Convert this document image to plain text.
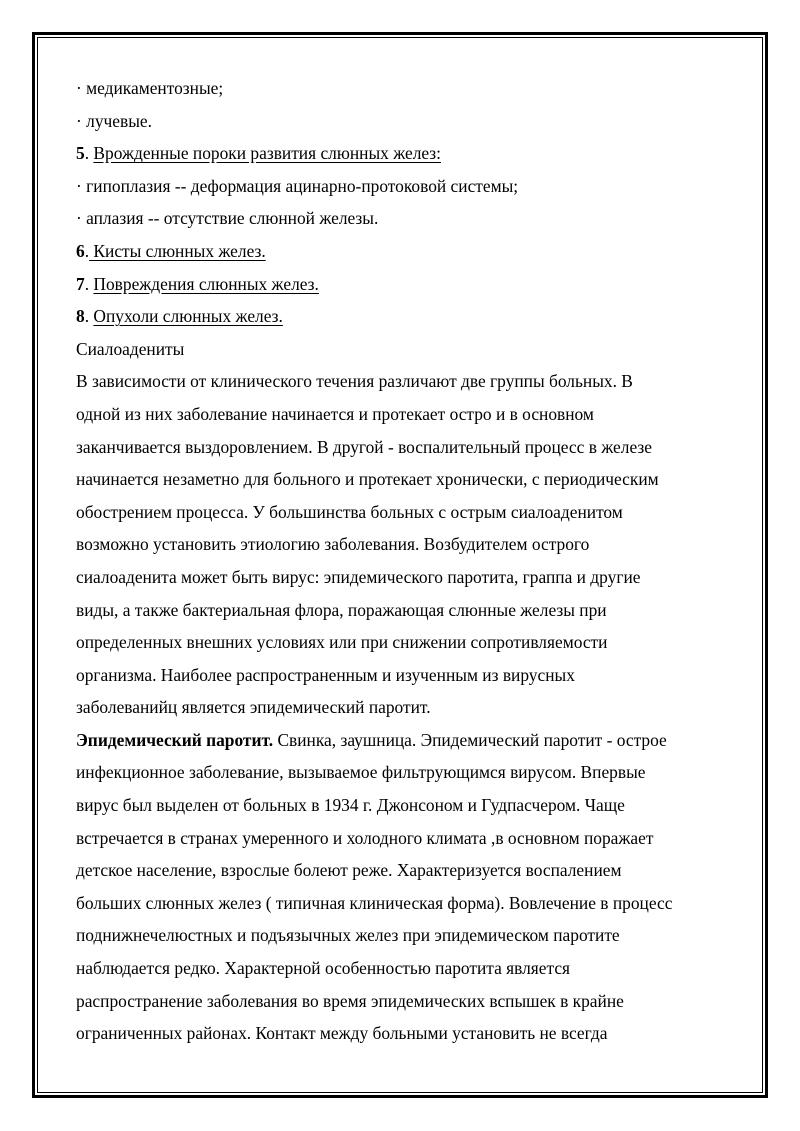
· медикаментозные;
· лучевые.
5. Врожденные пороки развития слюнных желез:
· гипоплазия -- деформация ацинарно-протоковой системы;
· аплазия -- отсутствие слюнной железы.
6. Кисты слюнных желез.
7. Повреждения слюнных желез.
8. Опухоли слюнных желез.
Сиалоадениты
В зависимости от клинического течения различают две группы больных. В
одной из них заболевание начинается и протекает остро и в основном
заканчивается выздоровлением. В другой - воспалительный процесс в железе
начинается незаметно для больного и протекает хронически, с периодическим
обострением процесса. У большинства больных с острым сиалоаденитом
возможно установить этиологию заболевания. Возбудителем острого
сиалоаденита может быть вирус: эпидемического паротита, граппа и другие
виды, а также бактериальная флора, поражающая слюнные железы при
определенных внешних условиях или при снижении сопротивляемости
организма. Наиболее распространенным и изученным из вирусных
заболеванийц является эпидемический паротит.
Эпидемический паротит. Свинка, заушница. Эпидемический паротит - острое
инфекционное заболевание, вызываемое фильтрующимся вирусом. Впервые
вирус был выделен от больных в 1934 г. Джонсоном и Гудпасчером. Чаще
встречается в странах умеренного и холодного климата ,в основном поражает
детское население, взрослые болеют реже. Характеризуется воспалением
больших слюнных желез ( типичная клиническая форма). Вовлечение в процесс
поднижнечелюстных и подъязычных желез при эпидемическом паротите
наблюдается редко. Характерной особенностью паротита является
распространение заболевания во время эпидемических вспышек в крайне
ограниченных районах. Контакт между больными установить не всегда
